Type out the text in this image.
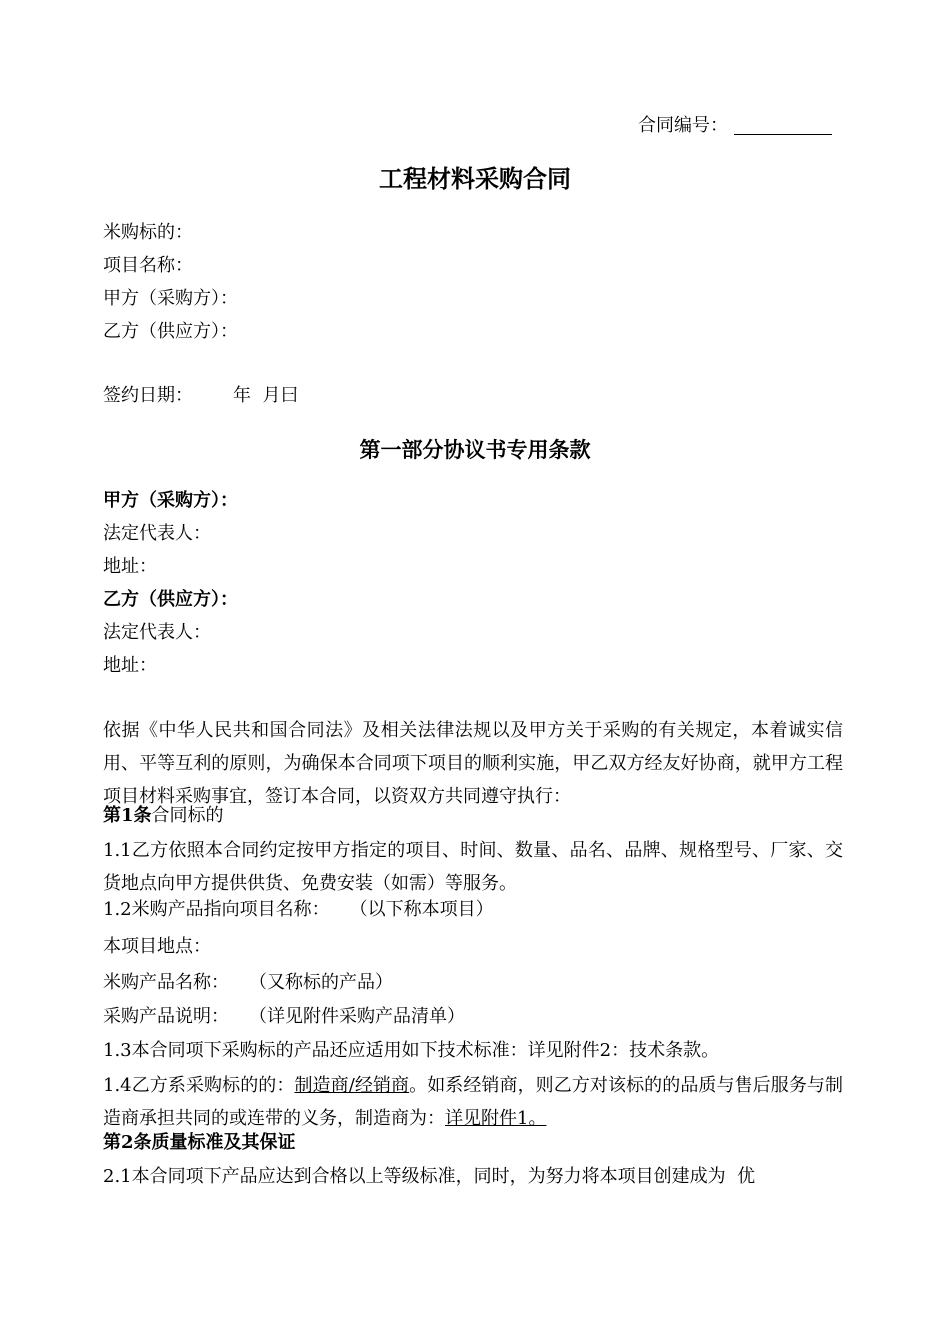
合同编号：
工程材料采购合同
米购标的：
项目名称：
甲方（采购方）：
乙方（供应方）：
签约日期： 年  月曰
第一部分协议书专用条款
甲方（采购方）：
法定代表人：
地址：
乙方（供应方）：
法定代表人：
地址：
依据《中华人民共和国合同法》及相关法律法规以及甲方关于采购的有关规定，本着诚实信用、平等互利的原则，为确保本合同项下项目的顺利实施，甲乙双方经友好协商，就甲方工程项目材料采购事宜，签订本合同，以资双方共同遵守执行：
第1条合同标的
1.1乙方依照本合同约定按甲方指定的项目、时间、数量、品名、品牌、规格型号、厂家、交货地点向甲方提供供货、免费安装（如需）等服务。
1.2米购产品指向项目名称： （以下称本项目）
本项目地点：
米购产品名称： （又称标的产品）
采购产品说明： （详见附件采购产品清单）
1.3本合同项下采购标的产品还应适用如下技术标准：详见附件2：技术条款。
1.4乙方系采购标的的：制造商/经销商。如系经销商，则乙方对该标的的品质与售后服务与制造商承担共同的或连带的义务，制造商为：详见附件1。
第2条质量标准及其保证
2.1本合同项下产品应达到合格以上等级标准，同时，为努力将本项目创建成为  优
